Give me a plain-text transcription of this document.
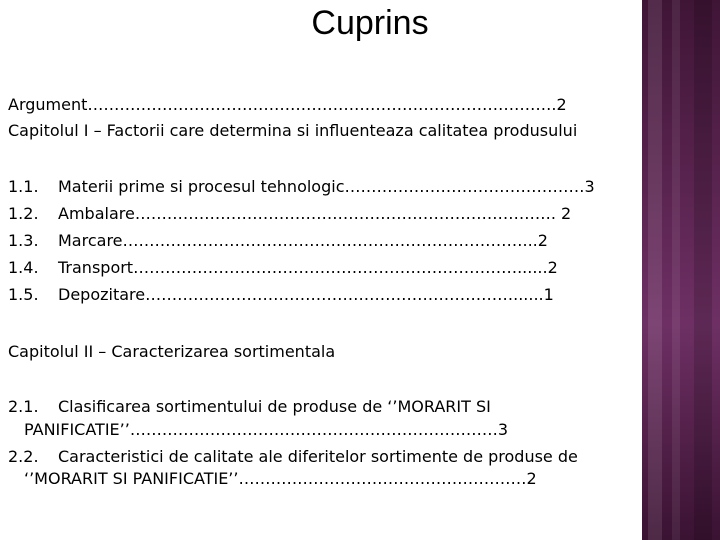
Cuprins
Argument…………………………………………………………………………….2
Capitolul I – Factorii care determina si influenteaza calitatea produsului
1.1. Materii prime si procesul tehnologic………………………………………3
1.2. Ambalare……………………………………………………………………. 2
1.3. Marcare…………………………………………………………………...2
1.4. Transport………………………………………………………………......2
1.5. Depozitare……………………………………………………………......1
Capitolul II – Caracterizarea sortimentala
2.1. Clasificarea sortimentului de produse de ‘’MORARIT SI
PANIFICATIE’’……………………………………………………………3
2.2. Caracteristici de calitate ale diferitelor sortimente de produse de
‘’MORARIT SI PANIFICATIE’’………………………………………………2
